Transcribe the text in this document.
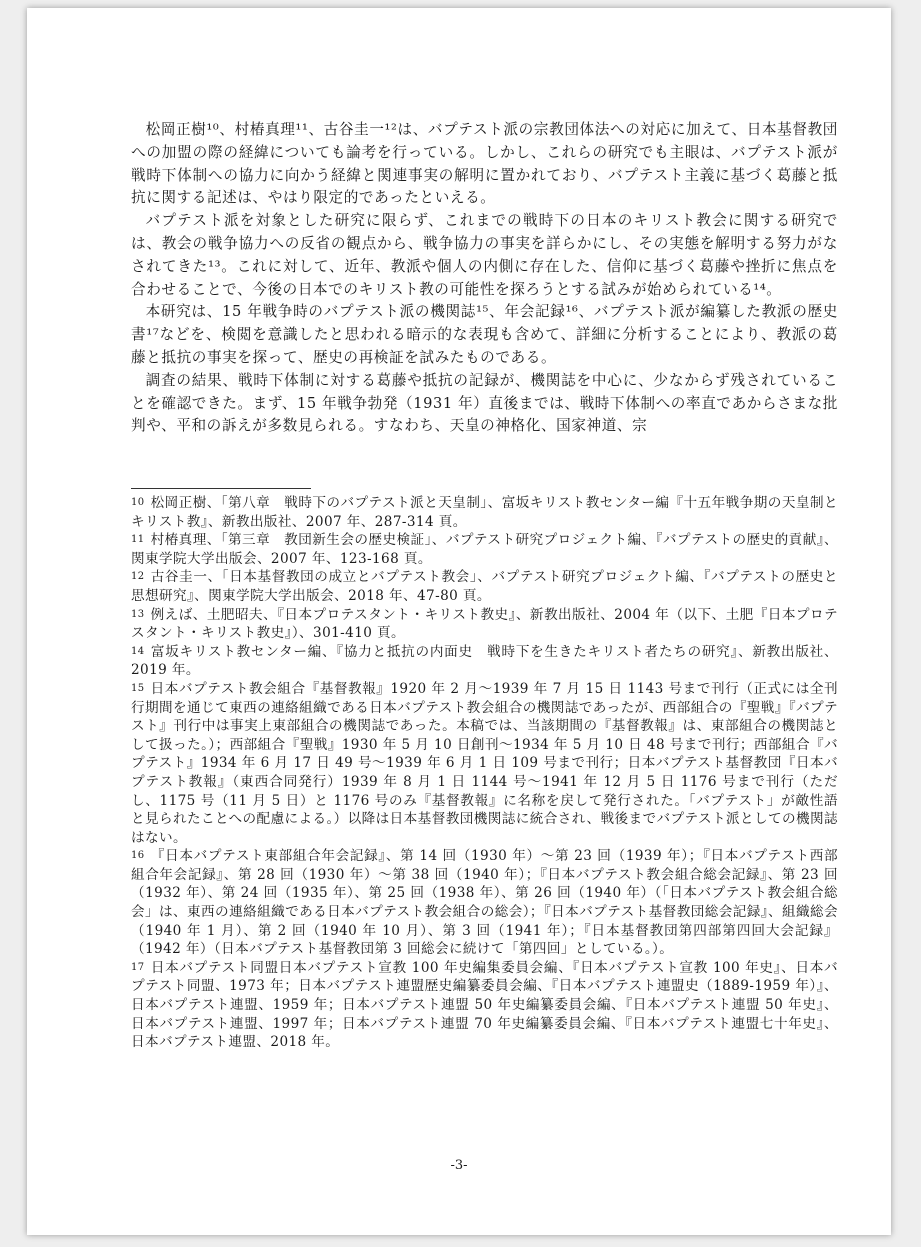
松岡正樹¹⁰、村椿真理¹¹、古谷圭一¹²は、バプテスト派の宗教団体法への対応に加えて、日本基督教団への加盟の際の経緯についても論考を行っている。しかし、これらの研究でも主眼は、バプテスト派が戦時下体制への協力に向かう経緯と関連事実の解明に置かれており、バプテスト主義に基づく葛藤と抵抗に関する記述は、やはり限定的であったといえる。

バプテスト派を対象とした研究に限らず、これまでの戦時下の日本のキリスト教会に関する研究では、教会の戦争協力への反省の観点から、戦争協力の事実を詳らかにし、その実態を解明する努力がなされてきた¹³。これに対して、近年、教派や個人の内側に存在した、信仰に基づく葛藤や挫折に焦点を合わせることで、今後の日本でのキリスト教の可能性を探ろうとする試みが始められている¹⁴。

本研究は、15 年戦争時のバプテスト派の機関誌¹⁵、年会記録¹⁶、バプテスト派が編纂した教派の歴史書¹⁷などを、検閲を意識したと思われる暗示的な表現も含めて、詳細に分析することにより、教派の葛藤と抵抗の事実を探って、歴史の再検証を試みたものである。

調査の結果、戦時下体制に対する葛藤や抵抗の記録が、機関誌を中心に、少なからず残されていることを確認できた。まず、15 年戦争勃発（1931 年）直後までは、戦時下体制への率直であからさまな批判や、平和の訴えが多数見られる。すなわち、天皇の神格化、国家神道、宗

10 松岡正樹、「第八章　戦時下のバプテスト派と天皇制」、富坂キリスト教センター編『十五年戦争期の天皇制とキリスト教』、新教出版社、2007 年、287-314 頁。

11 村椿真理、「第三章　教団新生会の歴史検証」、バプテスト研究プロジェクト編、『バプテストの歴史的貢献』、関東学院大学出版会、2007 年、123-168 頁。

12 古谷圭一、「日本基督教団の成立とバプテスト教会」、バプテスト研究プロジェクト編、『バプテストの歴史と思想研究』、関東学院大学出版会、2018 年、47-80 頁。

13 例えば、土肥昭夫、『日本プロテスタント・キリスト教史』、新教出版社、2004 年（以下、土肥『日本プロテスタント・キリスト教史』）、301-410 頁。

14 富坂キリスト教センター編、『協力と抵抗の内面史　戦時下を生きたキリスト者たちの研究』、新教出版社、2019 年。

15 日本バプテスト教会組合『基督教報』1920 年 2 月～1939 年 7 月 15 日 1143 号まで刊行（正式には全刊行期間を通じて東西の連絡組織である日本バプテスト教会組合の機関誌であったが、西部組合の『聖戦』『バプテスト』刊行中は事実上東部組合の機関誌であった。本稿では、当該期間の『基督教報』は、東部組合の機関誌として扱った。）；西部組合『聖戦』1930 年 5 月 10 日創刊～1934 年 5 月 10 日 48 号まで刊行；西部組合『バプテスト』1934 年 6 月 17 日 49 号～1939 年 6 月 1 日 109 号まで刊行；日本バプテスト基督教団『日本バプテスト教報』（東西合同発行）1939 年 8 月 1 日 1144 号～1941 年 12 月 5 日 1176 号まで刊行（ただし、1175 号（11 月 5 日）と 1176 号のみ『基督教報』に名称を戻して発行された。「バプテスト」が敵性語と見られたことへの配慮による。）以降は日本基督教団機関誌に統合され、戦後までバプテスト派としての機関誌はない。

16 『日本バプテスト東部組合年会記録』、第 14 回（1930 年）～第 23 回（1939 年）；『日本バプテスト西部組合年会記録』、第 28 回（1930 年）～第 38 回（1940 年）；『日本バプテスト教会組合総会記録』、第 23 回（1932 年）、第 24 回（1935 年）、第 25 回（1938 年）、第 26 回（1940 年）（「日本バプテスト教会組合総会」は、東西の連絡組織である日本バプテスト教会組合の総会）；『日本バプテスト基督教団総会記録』、組織総会（1940 年 1 月）、第 2 回（1940 年 10 月）、第 3 回（1941 年）；『日本基督教団第四部第四回大会記録』（1942 年）（日本バプテスト基督教団第 3 回総会に続けて「第四回」としている。）。

17 日本バプテスト同盟日本バプテスト宣教 100 年史編集委員会編、『日本バプテスト宣教 100 年史』、日本バプテスト同盟、1973 年；日本バプテスト連盟歴史編纂委員会編、『日本バプテスト連盟史（1889-1959 年）』、日本バプテスト連盟、1959 年；日本バプテスト連盟 50 年史編纂委員会編、『日本バプテスト連盟 50 年史』、日本バプテスト連盟、1997 年；日本バプテスト連盟 70 年史編纂委員会編、『日本バプテスト連盟七十年史』、日本バプテスト連盟、2018 年。

-3-
